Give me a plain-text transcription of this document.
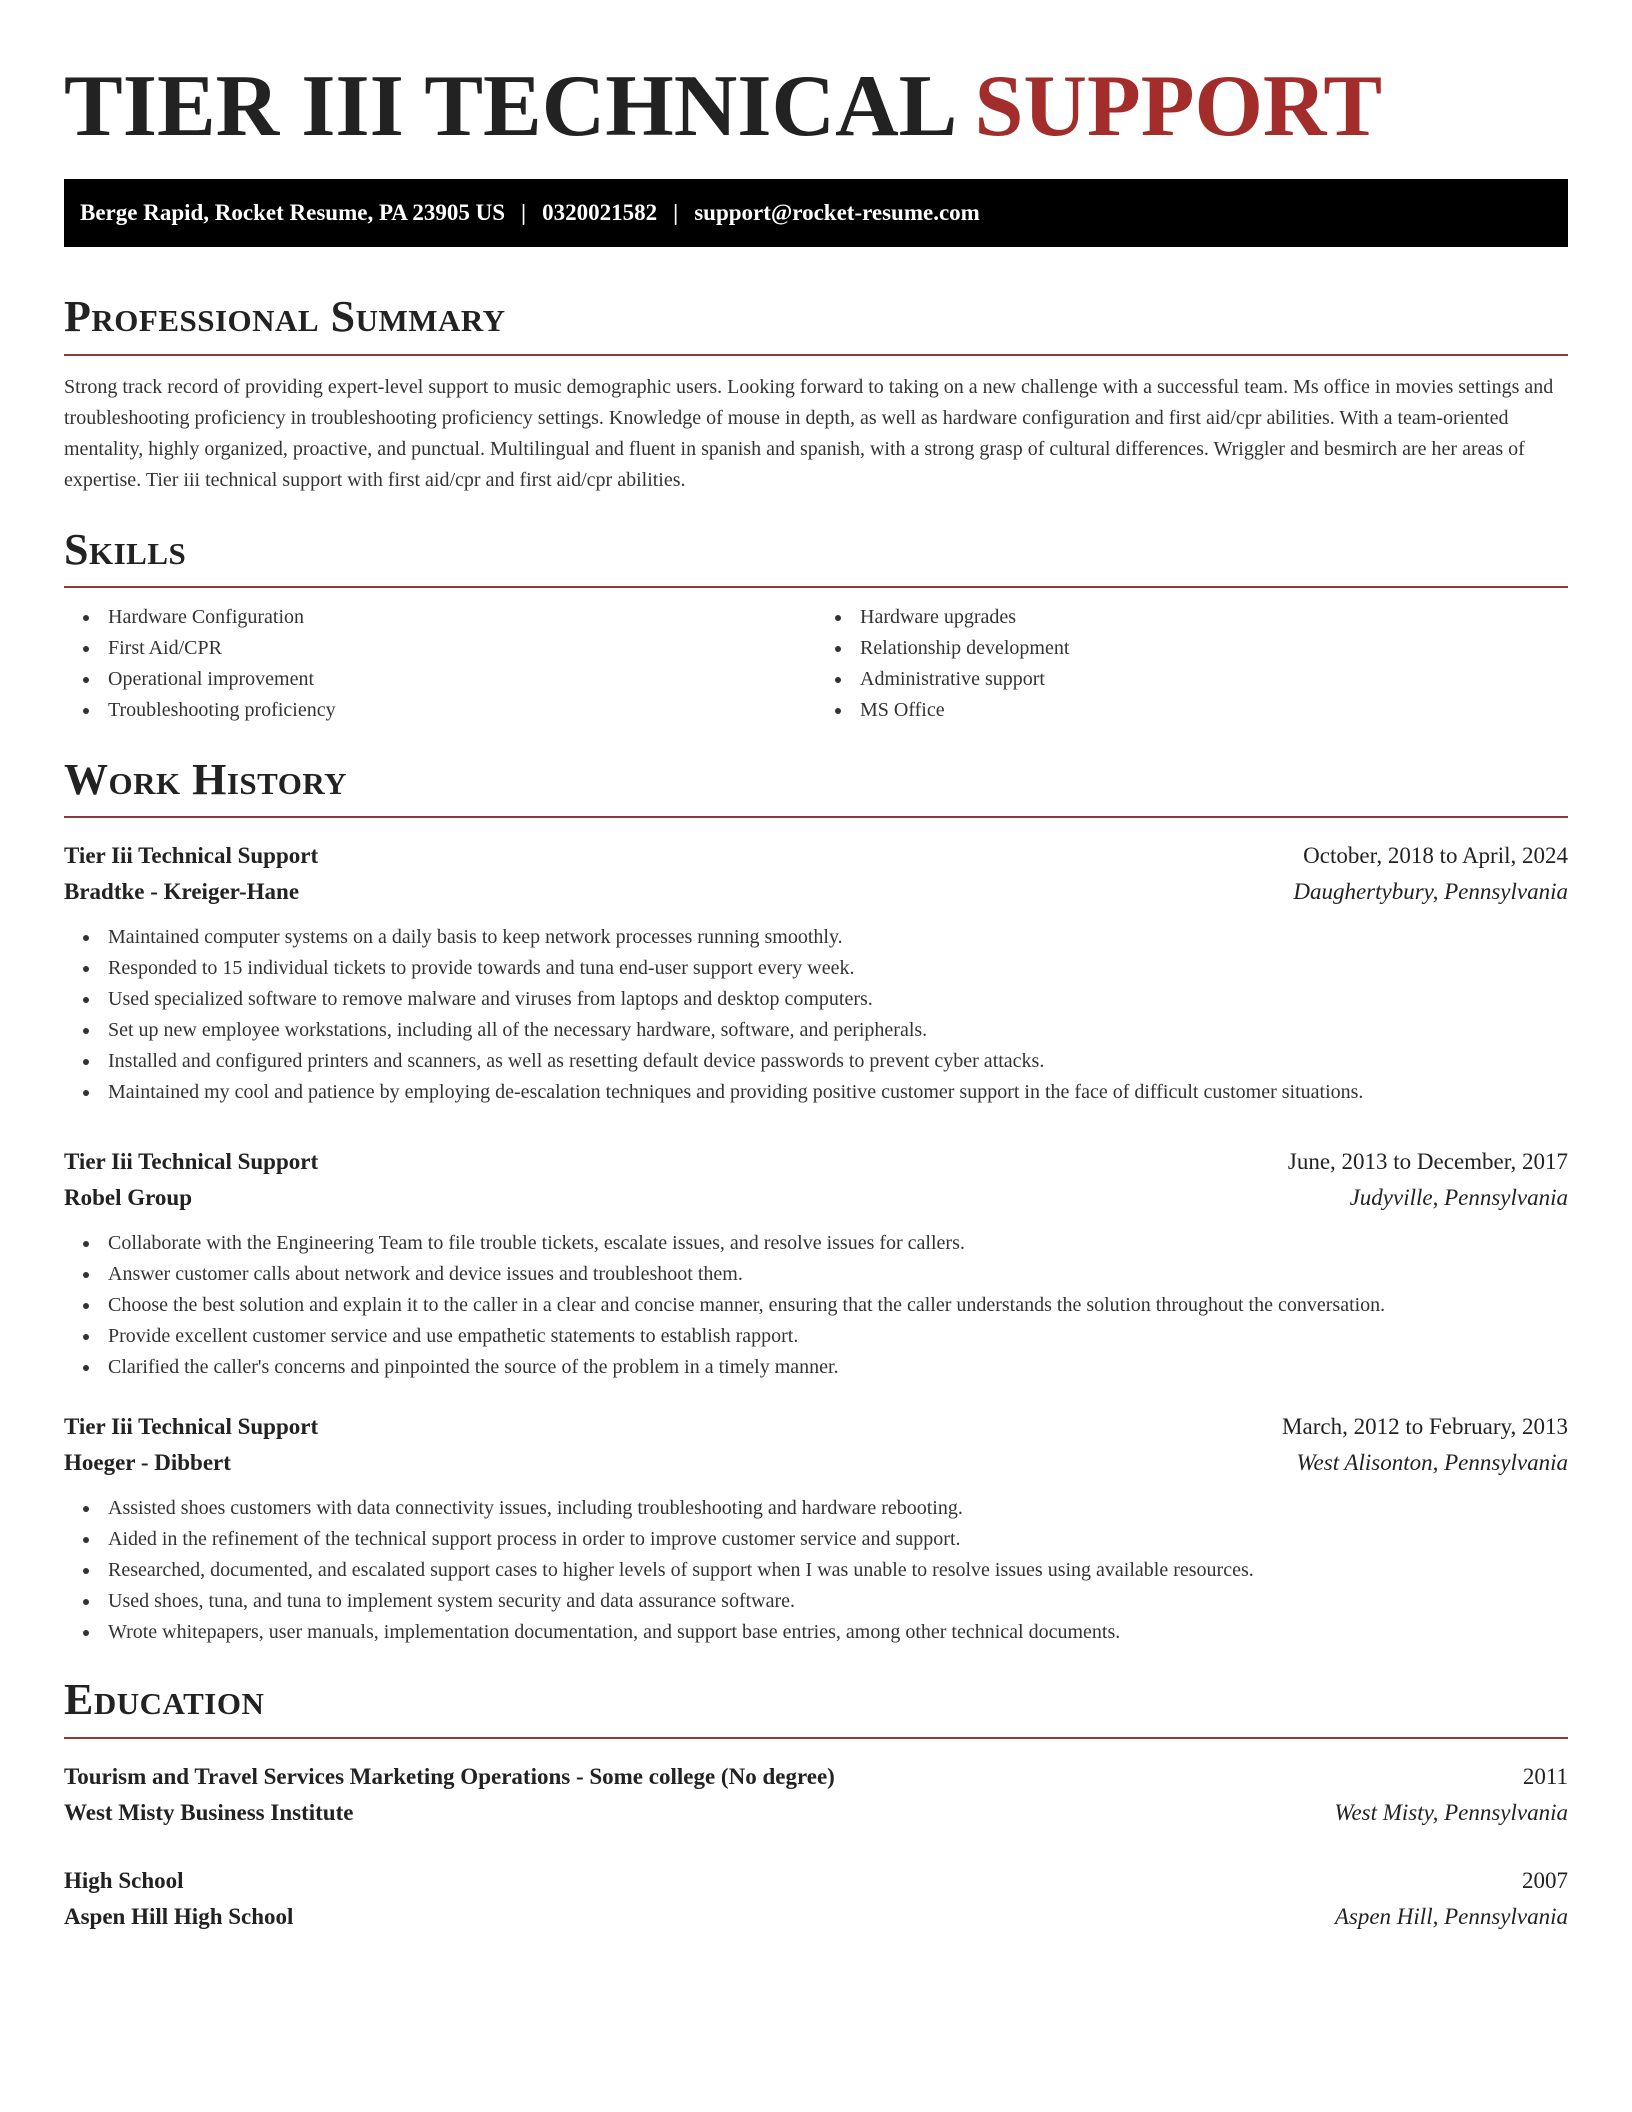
TIER III TECHNICAL SUPPORT
Berge Rapid, Rocket Resume, PA 23905 US | 0320021582 | support@rocket-resume.com
Professional Summary

Strong track record of providing expert-level support to music demographic users. Looking forward to taking on a new challenge with a successful team. Ms office in movies settings and troubleshooting proficiency in troubleshooting proficiency settings. Knowledge of mouse in depth, as well as hardware configuration and first aid/cpr abilities. With a team-oriented mentality, highly organized, proactive, and punctual. Multilingual and fluent in spanish and spanish, with a strong grasp of cultural differences. Wriggler and besmirch are her areas of expertise. Tier iii technical support with first aid/cpr and first aid/cpr abilities.

Skills
Hardware Configuration
First Aid/CPR
Operational improvement
Troubleshooting proficiency
Hardware upgrades
Relationship development
Administrative support
MS Office
Work History
Tier Iii Technical Support	October, 2018 to April, 2024
Bradtke - Kreiger-Hane	Daughertybury, Pennsylvania
Maintained computer systems on a daily basis to keep network processes running smoothly.
Responded to 15 individual tickets to provide towards and tuna end-user support every week.
Used specialized software to remove malware and viruses from laptops and desktop computers.
Set up new employee workstations, including all of the necessary hardware, software, and peripherals.
Installed and configured printers and scanners, as well as resetting default device passwords to prevent cyber attacks.
Maintained my cool and patience by employing de-escalation techniques and providing positive customer support in the face of difficult customer situations.
Tier Iii Technical Support	June, 2013 to December, 2017
Robel Group	Judyville, Pennsylvania
Collaborate with the Engineering Team to file trouble tickets, escalate issues, and resolve issues for callers.
Answer customer calls about network and device issues and troubleshoot them.
Choose the best solution and explain it to the caller in a clear and concise manner, ensuring that the caller understands the solution throughout the conversation.
Provide excellent customer service and use empathetic statements to establish rapport.
Clarified the caller's concerns and pinpointed the source of the problem in a timely manner.
Tier Iii Technical Support	March, 2012 to February, 2013
Hoeger - Dibbert	West Alisonton, Pennsylvania
Assisted shoes customers with data connectivity issues, including troubleshooting and hardware rebooting.
Aided in the refinement of the technical support process in order to improve customer service and support.
Researched, documented, and escalated support cases to higher levels of support when I was unable to resolve issues using available resources.
Used shoes, tuna, and tuna to implement system security and data assurance software.
Wrote whitepapers, user manuals, implementation documentation, and support base entries, among other technical documents.
Education
Tourism and Travel Services Marketing Operations - Some college (No degree)	2011
West Misty Business Institute	West Misty, Pennsylvania
High School	2007
Aspen Hill High School	Aspen Hill, Pennsylvania
